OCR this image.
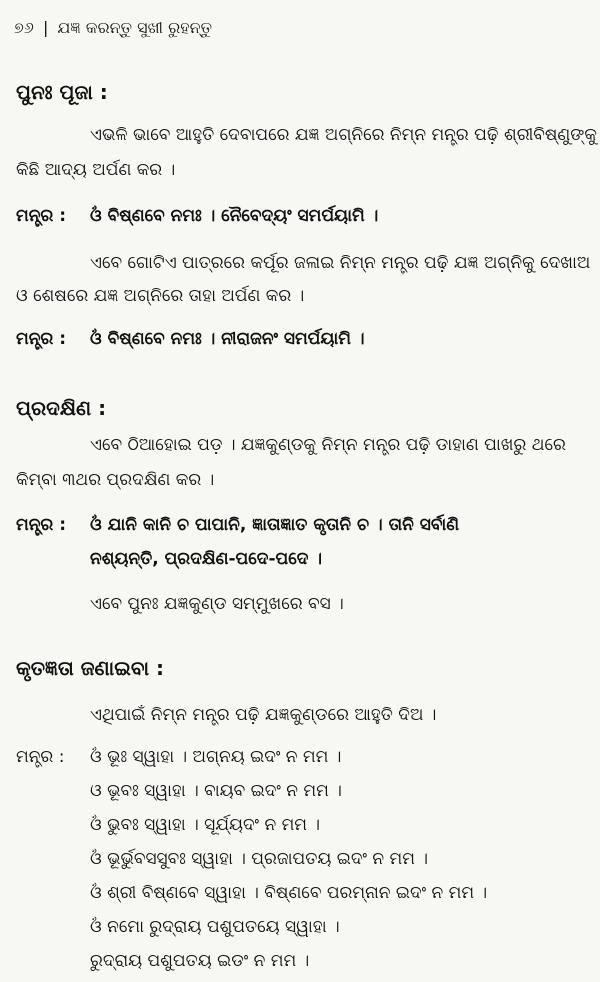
୭୬ | ଯଜ୍ଞ କରନ୍ତୁ ସୁଖୀ ରୁହନ୍ତୁ
ପୁନଃ ପୂଜା :
ଏଭଳି ଭାବେ ଆହୁତି ଦେବାପରେ ଯଜ୍ଞ ଅଗ୍ନିରେ ନିମ୍ନ ମନ୍ତ୍ର ପଢ଼ି ଶ୍ରୀବିଷ୍ଣୁଙ୍କୁ
କିଛି ଆଦ୍ୟ ଅର୍ପଣ କର ।
ମନ୍ତ୍ର : ଓଁ ବିଷ୍ଣବେ ନମଃ । ନୈବେଦ୍ୟଂ ସମର୍ପୟାମି ।
ଏବେ ଗୋଟିଏ ପାତ୍ରରେ କର୍ପୂର ଜଳାଇ ନିମ୍ନ ମନ୍ତ୍ର ପଢ଼ି ଯଜ୍ଞ ଅଗ୍ନିକୁ ଦେଖାଅ
ଓ ଶେଷରେ ଯଜ୍ଞ ଅଗ୍ନିରେ ତାହା ଅର୍ପଣ କର ।
ମନ୍ତ୍ର : ଓଁ ବିଷ୍ଣବେ ନମଃ । ନୀରାଜନଂ ସମର୍ପୟାମି ।
ପ୍ରଦକ୍ଷିଣ :
ଏବେ ଠିଆହୋଇ ପଡ଼ । ଯଜ୍ଞକୁଣ୍ଡକୁ ନିମ୍ନ ମନ୍ତ୍ର ପଢ଼ି ଡାହାଣ ପାଖରୁ ଥରେ
କିମ୍ବା ୩ଥର ପ୍ରଦକ୍ଷିଣ କର ।
ମନ୍ତ୍ର : ଓଁ ଯାନି କାନି ଚ ପାପାନି, ଜ୍ଞାତାଜ୍ଞାତ କୃତାନି ଚ । ତାନି ସର୍ବାଣି
ନଶ୍ୟନ୍ତି, ପ୍ରଦକ୍ଷିଣ-ପଦେ-ପଦେ ।
ଏବେ ପୁନଃ ଯଜ୍ଞକୁଣ୍ଡ ସମ୍ମୁଖରେ ବସ ।
କୃତଜ୍ଞତା ଜଣାଇବା :
ଏଥିପାଇଁ ନିମ୍ନ ମନ୍ତ୍ର ପଢ଼ି ଯଜ୍ଞକୁଣ୍ଡରେ ଆହୁତି ଦିଅ ।
ମନ୍ତ୍ର : ଓଁ ଭୂଃ ସ୍ୱାହା । ଅଗ୍ନୟ ଇଦଂ ନ ମମ ।
ଓ ଭୂବଃ ସ୍ୱାହା । ବାୟବ ଇଦଂ ନ ମମ ।
ଓଁ ଭୁବଃ ସ୍ୱାହା । ସୂର୍ଯ୍ୟଦଂ ନ ମମ ।
ଓଁ ଭୂର୍ଭୁବସସୁବଃ ସ୍ୱାହା । ପ୍ରଜାପତୟ ଇଦଂ ନ ମମ ।
ଓଁ ଶ୍ରୀ ବିଷ୍ଣବେ ସ୍ୱାହା । ବିଷ୍ଣବେ ପରମ୍ନାନ ଇଦଂ ନ ମମ ।
ଓଁ ନମୋ ରୁଦ୍ରାୟ ପଶୁପତୟେ ସ୍ୱାହା ।
ରୁଦ୍ରାୟ ପଶୁପତୟ ଇଡଂ ନ ମମ ।
